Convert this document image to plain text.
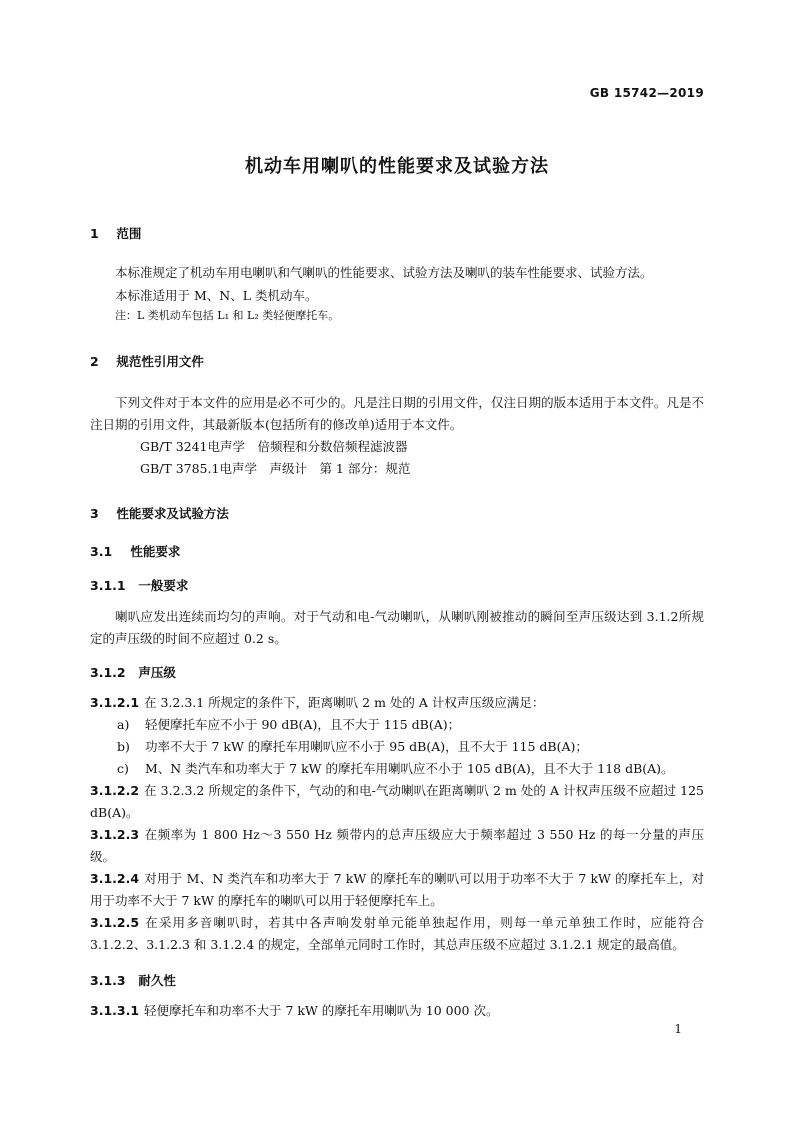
GB 15742—2019
机动车用喇叭的性能要求及试验方法
1 范围
本标准规定了机动车用电喇叭和气喇叭的性能要求、试验方法及喇叭的装车性能要求、试验方法。
本标准适用于 M、N、L 类机动车。
注：L 类机动车包括 L₁ 和 L₂ 类轻便摩托车。
2 规范性引用文件
下列文件对于本文件的应用是必不可少的。凡是注日期的引用文件，仅注日期的版本适用于本文件。凡是不注日期的引用文件，其最新版本(包括所有的修改单)适用于本文件。
GB/T 3241电声学　倍频程和分数倍频程滤波器
GB/T 3785.1电声学　声级计　第 1 部分：规范
3 性能要求及试验方法
3.1 性能要求
3.1.1 一般要求
喇叭应发出连续而均匀的声响。对于气动和电-气动喇叭，从喇叭刚被推动的瞬间至声压级达到 3.1.2所规定的声压级的时间不应超过 0.2 s。
3.1.2 声压级
3.1.2.1 在 3.2.3.1 所规定的条件下，距离喇叭 2 m 处的 A 计权声压级应满足：
a) 轻便摩托车应不小于 90 dB(A)，且不大于 115 dB(A)；
b) 功率不大于 7 kW 的摩托车用喇叭应不小于 95 dB(A)，且不大于 115 dB(A)；
c) M、N 类汽车和功率大于 7 kW 的摩托车用喇叭应不小于 105 dB(A)，且不大于 118 dB(A)。
3.1.2.2 在 3.2.3.2 所规定的条件下，气动的和电-气动喇叭在距离喇叭 2 m 处的 A 计权声压级不应超过 125 dB(A)。
3.1.2.3 在频率为 1 800 Hz～3 550 Hz 频带内的总声压级应大于频率超过 3 550 Hz 的每一分量的声压级。
3.1.2.4 对用于 M、N 类汽车和功率大于 7 kW 的摩托车的喇叭可以用于功率不大于 7 kW 的摩托车上，对用于功率不大于 7 kW 的摩托车的喇叭可以用于轻便摩托车上。
3.1.2.5 在采用多音喇叭时，若其中各声响发射单元能单独起作用，则每一单元单独工作时，应能符合 3.1.2.2、3.1.2.3 和 3.1.2.4 的规定，全部单元同时工作时，其总声压级不应超过 3.1.2.1 规定的最高值。
3.1.3 耐久性
3.1.3.1 轻便摩托车和功率不大于 7 kW 的摩托车用喇叭为 10 000 次。
1
